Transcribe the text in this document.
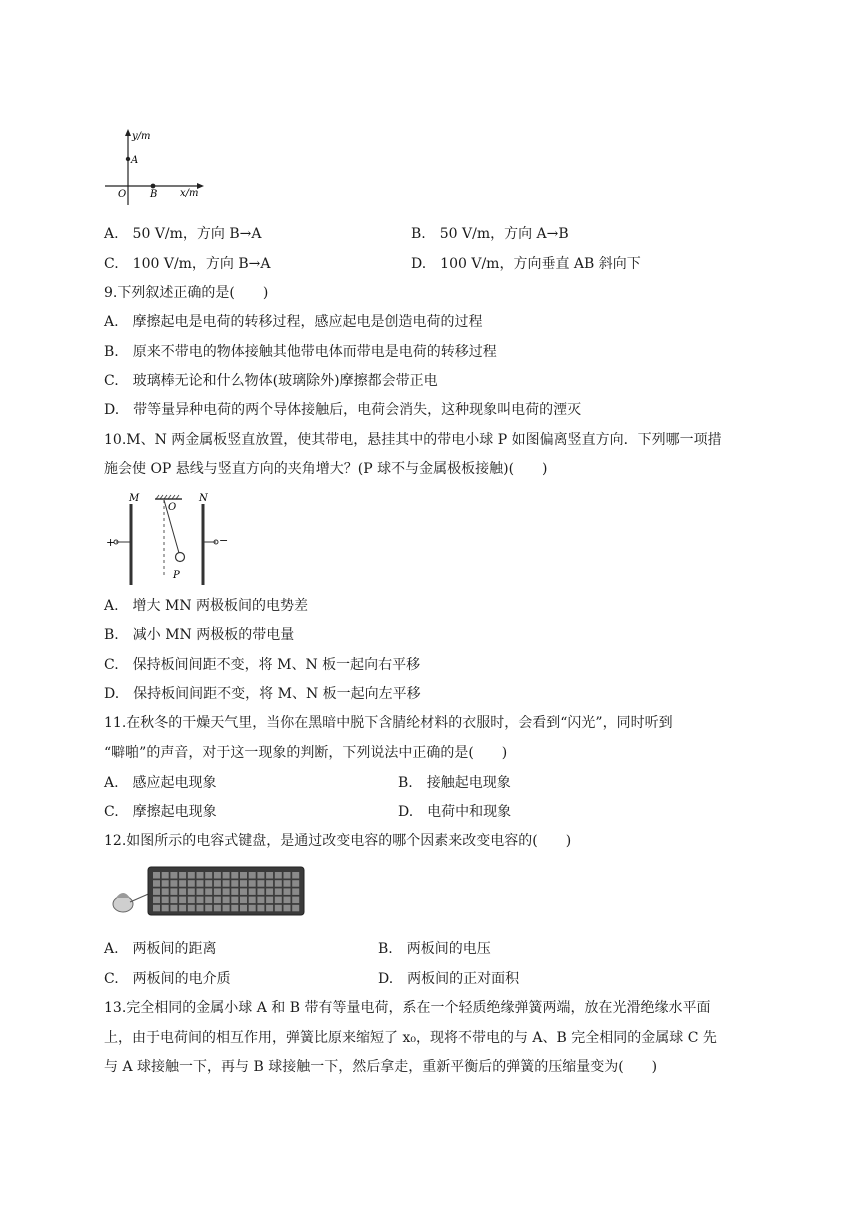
y/m
A
O B x/m
A.　50 V/m，方向 B→A	B.　50 V/m，方向 A→B
C.　100 V/m，方向 B→A	D.　100 V/m，方向垂直 AB 斜向下
9.下列叙述正确的是(　　)
A.　摩擦起电是电荷的转移过程，感应起电是创造电荷的过程
B.　原来不带电的物体接触其他带电体而带电是电荷的转移过程
C.　玻璃棒无论和什么物体(玻璃除外)摩擦都会带正电
D.　带等量异种电荷的两个导体接触后，电荷会消失，这种现象叫电荷的湮灭
10.M、N 两金属板竖直放置，使其带电，悬挂其中的带电小球 P 如图偏离竖直方向．下列哪一项措
施会使 OP 悬线与竖直方向的夹角增大？(P 球不与金属极板接触)(　　)
M	N
O
P
+	−
A.　增大 MN 两极板间的电势差
B.　减小 MN 两极板的带电量
C.　保持板间间距不变，将 M、N 板一起向右平移
D.　保持板间间距不变，将 M、N 板一起向左平移
11.在秋冬的干燥天气里，当你在黑暗中脱下含腈纶材料的衣服时，会看到“闪光”，同时听到
“噼啪”的声音，对于这一现象的判断，下列说法中正确的是(　　)
A.　感应起电现象	B.　接触起电现象
C.　摩擦起电现象	D.　电荷中和现象
12.如图所示的电容式键盘，是通过改变电容的哪个因素来改变电容的(　　)
A.　两板间的距离	B.　两板间的电压
C.　两板间的电介质	D.　两板间的正对面积
13.完全相同的金属小球 A 和 B 带有等量电荷，系在一个轻质绝缘弹簧两端，放在光滑绝缘水平面
上，由于电荷间的相互作用，弹簧比原来缩短了 x₀，现将不带电的与 A、B 完全相同的金属球 C 先
与 A 球接触一下，再与 B 球接触一下，然后拿走，重新平衡后的弹簧的压缩量变为(　　)
